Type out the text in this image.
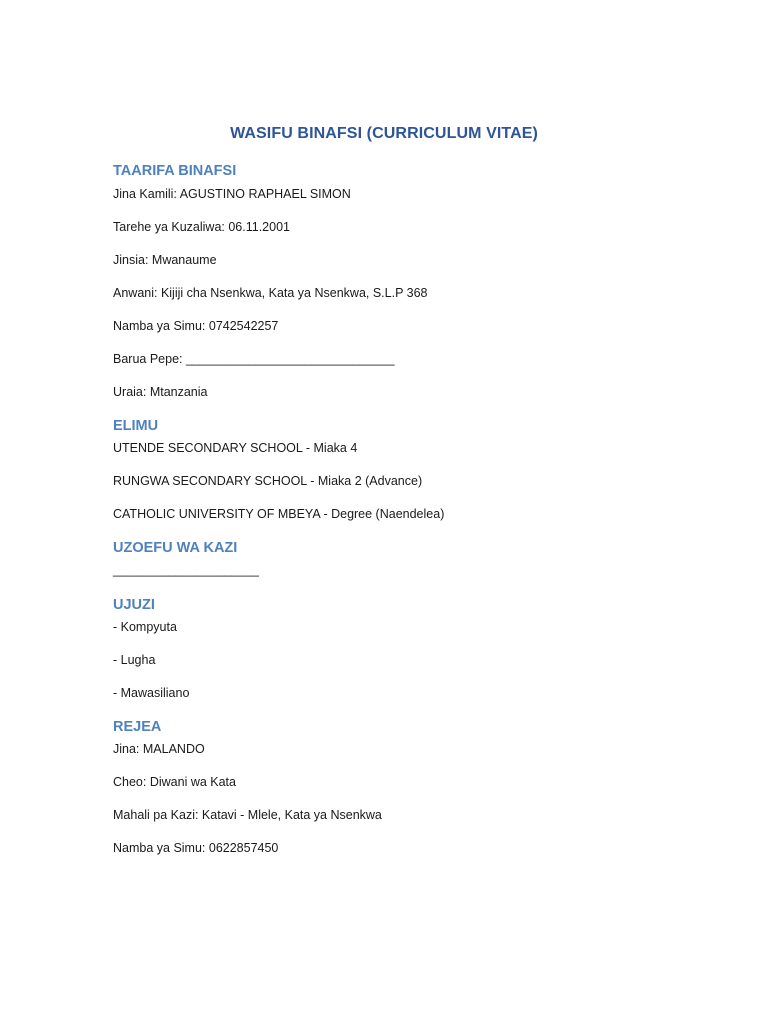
WASIFU BINAFSI (CURRICULUM VITAE)
TAARIFA BINAFSI

Jina Kamili: AGUSTINO RAPHAEL SIMON

Tarehe ya Kuzaliwa: 06.11.2001

Jinsia: Mwanaume

Anwani: Kijiji cha Nsenkwa, Kata ya Nsenkwa, S.L.P 368

Namba ya Simu: 0742542257

Barua Pepe: ______________________________

Uraia: Mtanzania

ELIMU

UTENDE SECONDARY SCHOOL - Miaka 4

RUNGWA SECONDARY SCHOOL - Miaka 2 (Advance)

CATHOLIC UNIVERSITY OF MBEYA - Degree (Naendelea)

UZOEFU WA KAZI

_____________________

UJUZI

- Kompyuta

- Lugha

- Mawasiliano

REJEA

Jina: MALANDO

Cheo: Diwani wa Kata

Mahali pa Kazi: Katavi - Mlele, Kata ya Nsenkwa

Namba ya Simu: 0622857450
